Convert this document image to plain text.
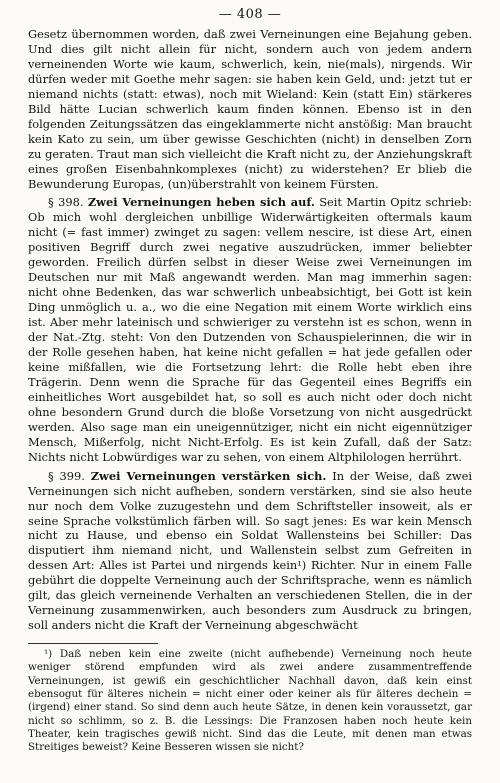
— 408 —

Gesetz übernommen worden, daß zwei Verneinungen eine Bejahung geben. Und dies gilt nicht allein für nicht, sondern auch von jedem andern verneinenden Worte wie kaum, schwerlich, kein, nie(mals), nirgends. Wir dürfen weder mit Goethe mehr sagen: sie haben kein Geld, und: jetzt tut er niemand nichts (statt: etwas), noch mit Wieland: Kein (statt Ein) stärkeres Bild hätte Lucian schwerlich kaum finden können. Ebenso ist in den folgenden Zeitungssätzen das eingeklammerte nicht anstößig: Man braucht kein Kato zu sein, um über gewisse Geschichten (nicht) in denselben Zorn zu geraten. Traut man sich vielleicht die Kraft nicht zu, der Anziehungskraft eines großen Eisenbahnkomplexes (nicht) zu widerstehen? Er blieb die Bewunderung Europas, (un)überstrahlt von keinem Fürsten.

§ 398. Zwei Verneinungen heben sich auf. Seit Martin Opitz schrieb: Ob mich wohl dergleichen unbillige Widerwärtigkeiten oftermals kaum nicht (= fast immer) zwinget zu sagen: vellem nescire, ist diese Art, einen positiven Begriff durch zwei negative auszudrücken, immer beliebter geworden. Freilich dürfen selbst in dieser Weise zwei Verneinungen im Deutschen nur mit Maß angewandt werden. Man mag immerhin sagen: nicht ohne Bedenken, das war schwerlich unbeabsichtigt, bei Gott ist kein Ding unmöglich u. a., wo die eine Negation mit einem Worte wirklich eins ist. Aber mehr lateinisch und schwieriger zu verstehn ist es schon, wenn in der Nat.-Ztg. steht: Von den Dutzenden von Schauspielerinnen, die wir in der Rolle gesehen haben, hat keine nicht gefallen = hat jede gefallen oder keine mißfallen, wie die Fortsetzung lehrt: die Rolle hebt eben ihre Trägerin. Denn wenn die Sprache für das Gegenteil eines Begriffs ein einheitliches Wort ausgebildet hat, so soll es auch nicht oder doch nicht ohne besondern Grund durch die bloße Vorsetzung von nicht ausgedrückt werden. Also sage man ein uneigennütziger, nicht ein nicht eigennütziger Mensch, Mißerfolg, nicht Nicht-Erfolg. Es ist kein Zufall, daß der Satz: Nichts nicht Lobwürdiges war zu sehen, von einem Altphilologen herrührt.

§ 399. Zwei Verneinungen verstärken sich. In der Weise, daß zwei Verneinungen sich nicht aufheben, sondern verstärken, sind sie also heute nur noch dem Volke zuzugestehn und dem Schriftsteller insoweit, als er seine Sprache volkstümlich färben will. So sagt jenes: Es war kein Mensch nicht zu Hause, und ebenso ein Soldat Wallensteins bei Schiller: Das disputiert ihm niemand nicht, und Wallenstein selbst zum Gefreiten in dessen Art: Alles ist Partei und nirgends kein¹) Richter. Nur in einem Falle gebührt die doppelte Verneinung auch der Schriftsprache, wenn es nämlich gilt, das gleich verneinende Verhalten an verschiedenen Stellen, die in der Verneinung zusammenwirken, auch besonders zum Ausdruck zu bringen, soll anders nicht die Kraft der Verneinung abgeschwächt

¹) Daß neben kein eine zweite (nicht aufhebende) Verneinung noch heute weniger störend empfunden wird als zwei andere zusammentreffende Verneinungen, ist gewiß ein geschichtlicher Nachhall davon, daß kein einst ebensogut für älteres nichein = nicht einer oder keiner als für älteres dechein = (irgend) einer stand. So sind denn auch heute Sätze, in denen kein voraussetzt, gar nicht so schlimm, so z. B. die Lessings: Die Franzosen haben noch heute kein Theater, kein tragisches gewiß nicht. Sind das die Leute, mit denen man etwas Streitiges beweist? Keine Besseren wissen sie nicht?
